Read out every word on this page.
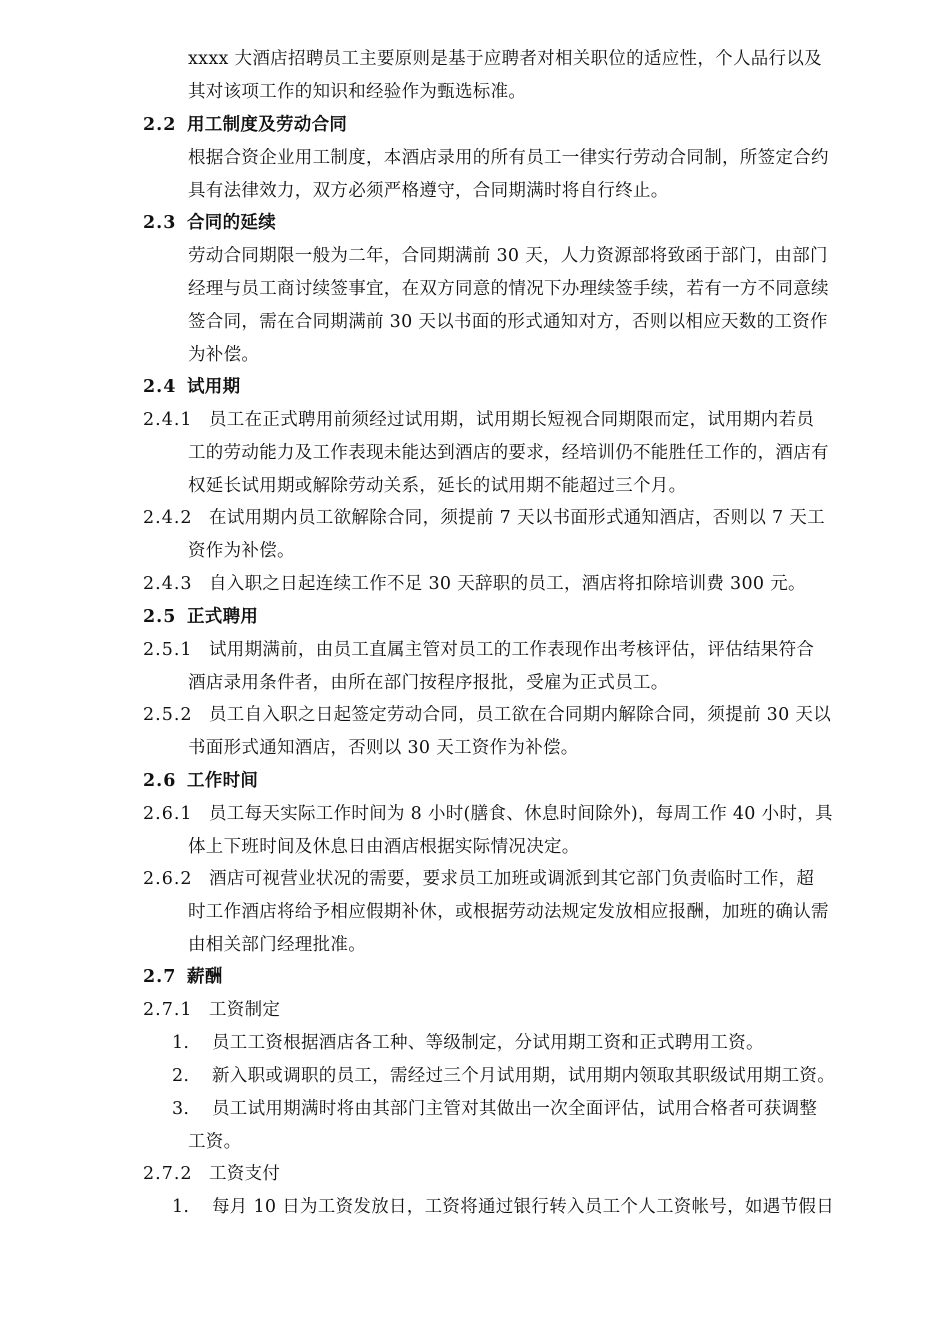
xxxx 大酒店招聘员工主要原则是基于应聘者对相关职位的适应性，个人品行以及
其对该项工作的知识和经验作为甄选标准。
2.2 用工制度及劳动合同
根据合资企业用工制度，本酒店录用的所有员工一律实行劳动合同制，所签定合约
具有法律效力，双方必须严格遵守，合同期满时将自行终止。
2.3 合同的延续
劳动合同期限一般为二年，合同期满前 30 天，人力资源部将致函于部门，由部门
经理与员工商讨续签事宜，在双方同意的情况下办理续签手续，若有一方不同意续
签合同，需在合同期满前 30 天以书面的形式通知对方，否则以相应天数的工资作
为补偿。
2.4 试用期
2.4.1 员工在正式聘用前须经过试用期，试用期长短视合同期限而定，试用期内若员
工的劳动能力及工作表现未能达到酒店的要求，经培训仍不能胜任工作的，酒店有
权延长试用期或解除劳动关系，延长的试用期不能超过三个月。
2.4.2 在试用期内员工欲解除合同，须提前 7 天以书面形式通知酒店，否则以 7 天工
资作为补偿。
2.4.3 自入职之日起连续工作不足 30 天辞职的员工，酒店将扣除培训费 300 元。
2.5 正式聘用
2.5.1 试用期满前，由员工直属主管对员工的工作表现作出考核评估，评估结果符合
酒店录用条件者，由所在部门按程序报批，受雇为正式员工。
2.5.2 员工自入职之日起签定劳动合同，员工欲在合同期内解除合同，须提前 30 天以
书面形式通知酒店，否则以 30 天工资作为补偿。
2.6 工作时间
2.6.1 员工每天实际工作时间为 8 小时(膳食、休息时间除外)，每周工作 40 小时，具
体上下班时间及休息日由酒店根据实际情况决定。
2.6.2 酒店可视营业状况的需要，要求员工加班或调派到其它部门负责临时工作，超
时工作酒店将给予相应假期补休，或根据劳动法规定发放相应报酬，加班的确认需
由相关部门经理批准。
2.7 薪酬
2.7.1 工资制定
1. 员工工资根据酒店各工种、等级制定，分试用期工资和正式聘用工资。
2. 新入职或调职的员工，需经过三个月试用期，试用期内领取其职级试用期工资。
3. 员工试用期满时将由其部门主管对其做出一次全面评估，试用合格者可获调整
工资。
2.7.2 工资支付
1. 每月 10 日为工资发放日，工资将通过银行转入员工个人工资帐号，如遇节假日
